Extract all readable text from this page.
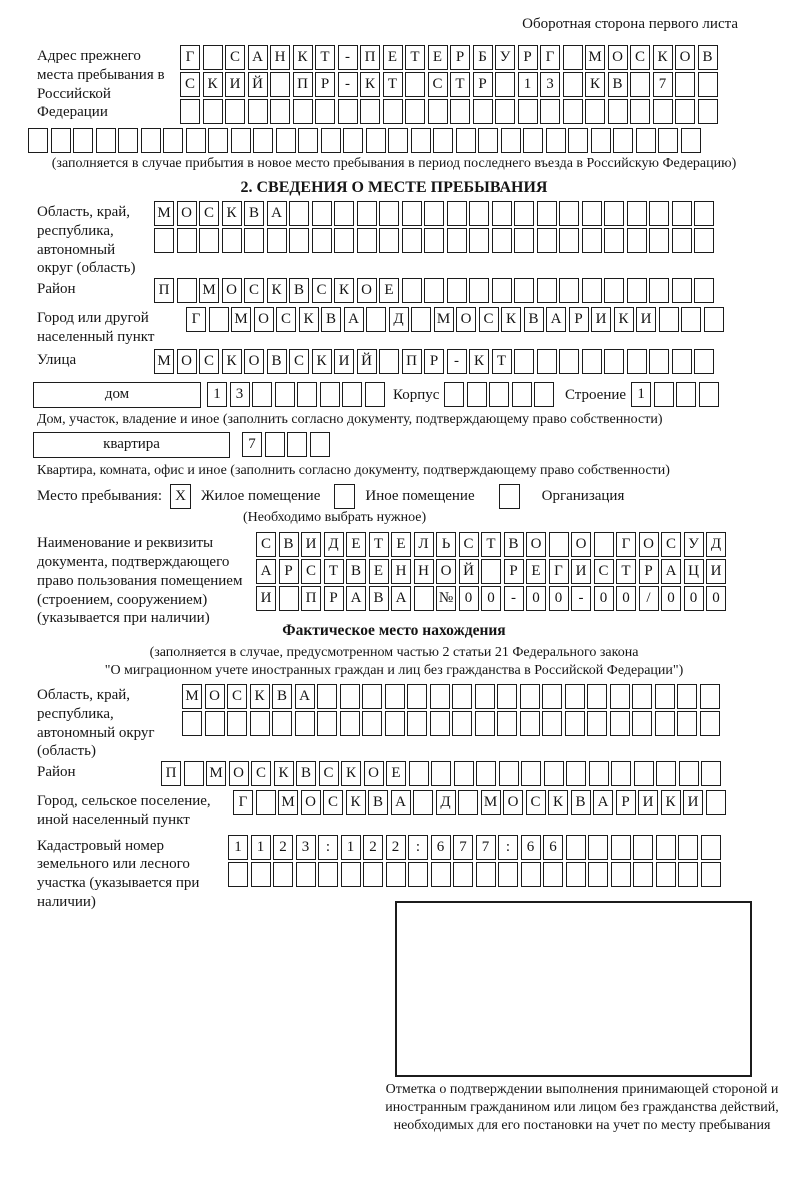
Оборотная сторона первого листа
Адрес прежнего места пребывания в Российской Федерации
Г	С А Н К Т	- П Е Т Е Р Б У Р Г	М О С К О В
С К И Й	П Р	- К Т	С Т Р	1	3	К В	7
(заполняется в случае прибытия в новое место пребывания в период последнего въезда в Российскую Федерацию)
2. СВЕДЕНИЯ О МЕСТЕ ПРЕБЫВАНИЯ
Область, край, республика, автономный округ (область)
М О С К В А
Район	П	М О С К В С К О Е
Город или другой населенный пункт
Г	М О С К В А	Д	М О С К В А Р И К И
Улица	М О С К О В С К И Й	П Р	- К Т
дом	1	3	Корпус	Строение 1
Дом, участок, владение и иное (заполнить согласно документу, подтверждающему право собственности)
квартира	7
Квартира, комната, офис и иное (заполнить согласно документу, подтверждающему право собственности)
Место пребывания: X	Жилое помещение	Иное помещение	Организация
(Необходимо выбрать нужное)
Наименование и реквизиты документа, подтверждающего право пользования помещением (строением, сооружением) (указывается при наличии)
С В И Д Е Т Е Л Ь С Т В О	О	Г О С У Д
А Р С Т В Е Н Н О Й	Р Е Г И С Т Р А Ц И
И	П Р А В А	№ 0	0	-	0	0	-	0	0	/	0	0	0
Фактическое место нахождения
(заполняется в случае, предусмотренном частью 2 статьи 21 Федерального закона
"О миграционном учете иностранных граждан и лиц без гражданства в Российской Федерации")
Область, край, республика, автономный округ (область)
М О С К В А
Район	П	М О С К В С К О Е
Город, сельское поселение, иной населенный пункт
Г	М О С К В А	Д	М О С К В А Р И К И
Кадастровый номер земельного или лесного участка (указывается при наличии)
1	1	2	3	:	1	2	2	:	6	7	7	:	6	6
Отметка о подтверждении выполнения принимающей стороной и иностранным гражданином или лицом без гражданства действий, необходимых для его постановки на учет по месту пребывания
